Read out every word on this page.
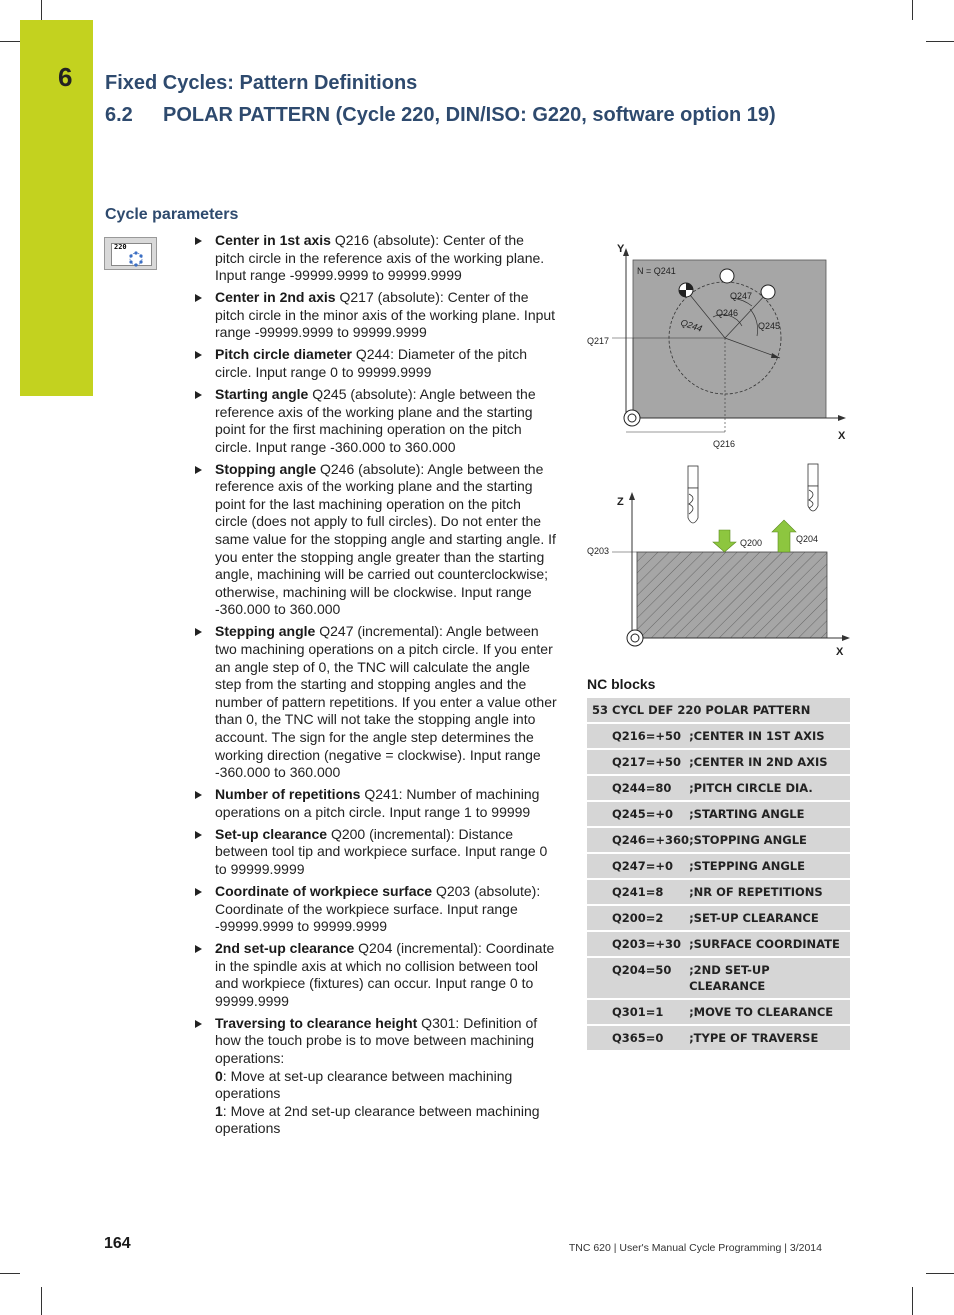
6 Fixed Cycles: Pattern Definitions
6.2 POLAR PATTERN (Cycle 220, DIN/ISO: G220, software option 19)
Cycle parameters
220	Center in 1st axis Q216 (absolute): Center of the pitch circle in the reference axis of the working plane. Input range -99999.9999 to 99999.9999
Center in 2nd axis Q217 (absolute): Center of the pitch circle in the minor axis of the working plane. Input range -99999.9999 to 99999.9999
Pitch circle diameter Q244: Diameter of the pitch circle. Input range 0 to 99999.9999
Starting angle Q245 (absolute): Angle between the reference axis of the working plane and the starting point for the first machining operation on the pitch circle. Input range -360.000 to 360.000
Stopping angle Q246 (absolute): Angle between the reference axis of the working plane and the starting point for the last machining operation on the pitch circle (does not apply to full circles). Do not enter the same value for the stopping angle and starting angle. If you enter the stopping angle greater than the starting angle, machining will be carried out counterclockwise; otherwise, machining will be clockwise. Input range -360.000 to 360.000
Stepping angle Q247 (incremental): Angle between two machining operations on a pitch circle. If you enter an angle step of 0, the TNC will calculate the angle step from the starting and stopping angles and the number of pattern repetitions. If you enter a value other than 0, the TNC will not take the stopping angle into account. The sign for the angle step determines the working direction (negative = clockwise). Input range -360.000 to 360.000
Number of repetitions Q241: Number of machining operations on a pitch circle. Input range 1 to 99999
Set-up clearance Q200 (incremental): Distance between tool tip and workpiece surface. Input range 0 to 99999.9999
Coordinate of workpiece surface Q203 (absolute): Coordinate of the workpiece surface. Input range -99999.9999 to 99999.9999
2nd set-up clearance Q204 (incremental): Coordinate in the spindle axis at which no collision between tool and workpiece (fixtures) can occur. Input range 0 to 99999.9999
Traversing to clearance height Q301: Definition of how the touch probe is to move between machining operations:
0: Move at set-up clearance between machining operations
1: Move at 2nd set-up clearance between machining operations
Y
X
N = Q241
Q217
Q216
Q247
Q246
Q245
Q244
Z
X
Q203
Q200	Q204
NC blocks
53 CYCL DEF 220 POLAR PATTERN	
Q216=+50	;CENTER IN 1ST AXIS
Q217=+50	;CENTER IN 2ND AXIS
Q244=80	;PITCH CIRCLE DIA.
Q245=+0	;STARTING ANGLE
Q246=+360	;STOPPING ANGLE
Q247=+0	;STEPPING ANGLE
Q241=8	;NR OF REPETITIONS
Q200=2	;SET-UP CLEARANCE
Q203=+30	;SURFACE COORDINATE
Q204=50	;2ND SET-UP CLEARANCE
Q301=1	;MOVE TO CLEARANCE
Q365=0	;TYPE OF TRAVERSE
164	TNC 620 | User's Manual Cycle Programming | 3/2014
